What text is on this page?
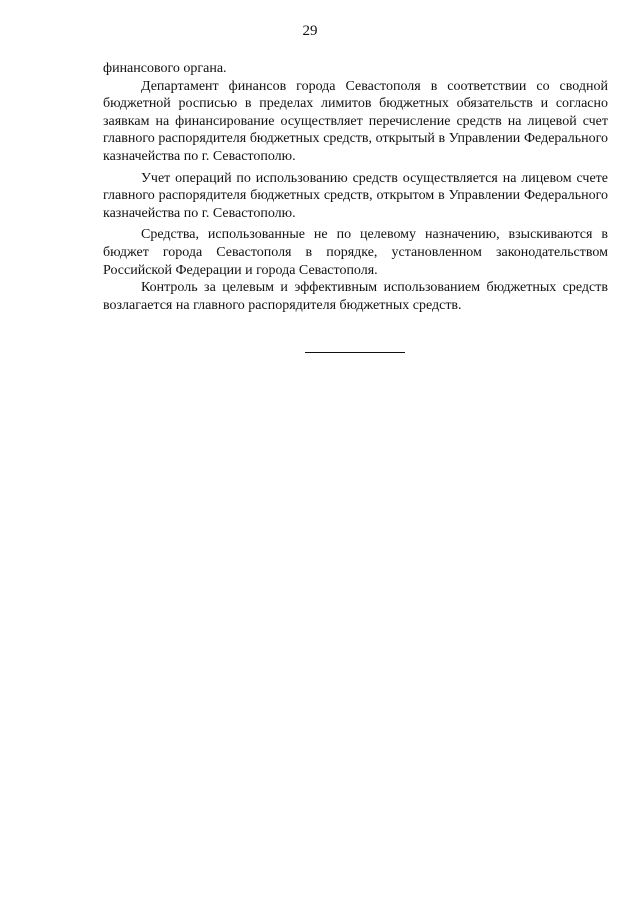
29

финансового органа.

Департамент финансов города Севастополя в соответствии со сводной бюджетной росписью в пределах лимитов бюджетных обязательств и согласно заявкам на финансирование осуществляет перечисление средств на лицевой счет главного распорядителя бюджетных средств, открытый в Управлении Федерального казначейства по г. Севастополю.

Учет операций по использованию средств осуществляется на лицевом счете главного распорядителя бюджетных средств, открытом в Управлении Федерального казначейства по г. Севастополю.

Средства, использованные не по целевому назначению, взыскиваются в бюджет города Севастополя в порядке, установленном законодательством Российской Федерации и города Севастополя.

Контроль за целевым и эффективным использованием бюджетных средств возлагается на главного распорядителя бюджетных средств.
